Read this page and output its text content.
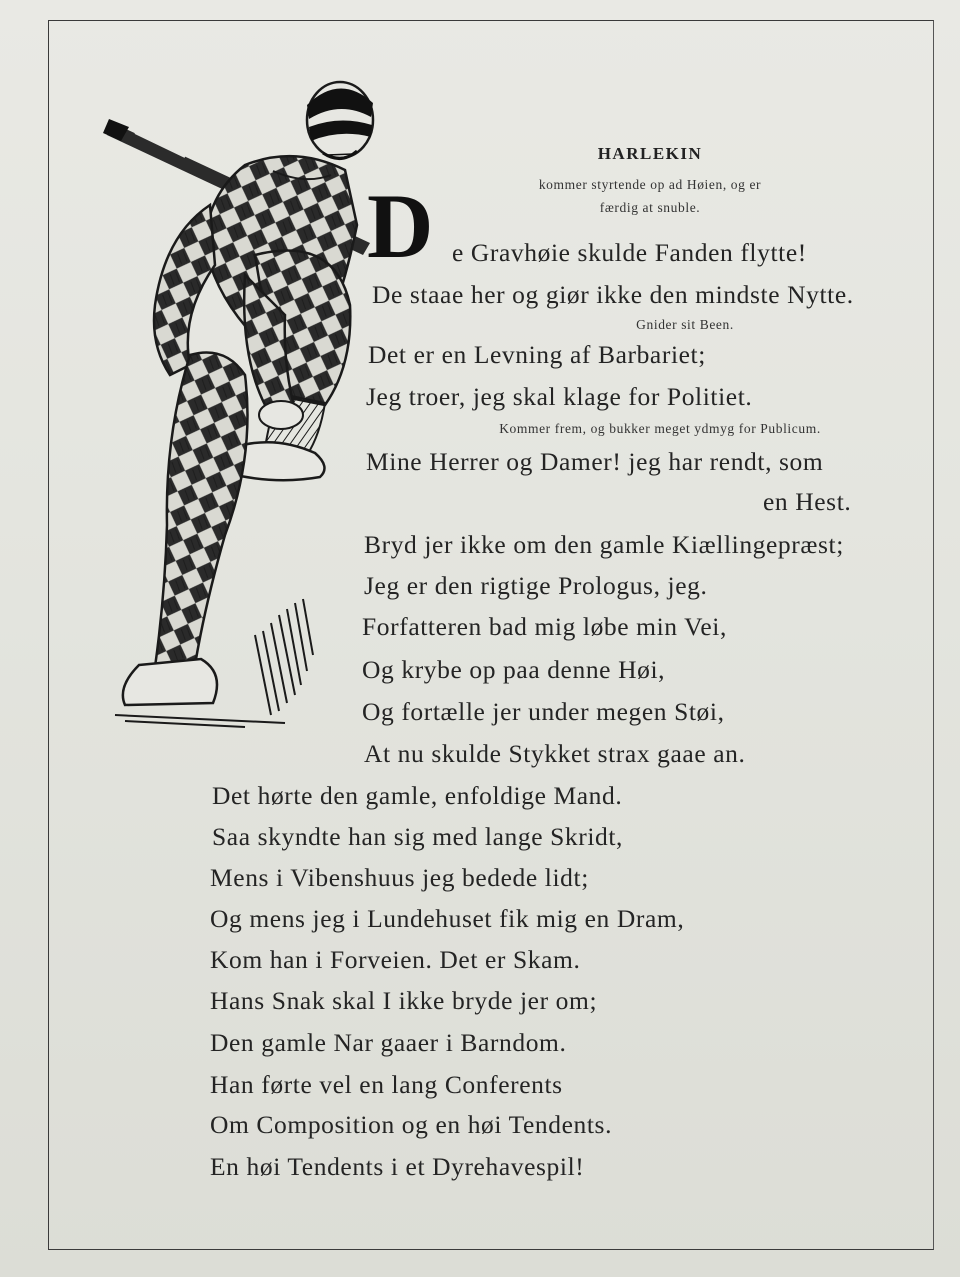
HARLEKIN
kommer styrtende op ad Høien, og er
færdig at snuble.
Gnider sit Been.
Kommer frem, og bukker meget ydmyg for Publicum.
D e Gravhøie skulde Fanden flytte!
De staae her og giør ikke den mindste Nytte.
Det er en Levning af Barbariet;
Jeg troer, jeg skal klage for Politiet.
Mine Herrer og Damer! jeg har rendt, som
en Hest.
Bryd jer ikke om den gamle Kiællingepræst;
Jeg er den rigtige Prologus, jeg.
Forfatteren bad mig løbe min Vei,
Og krybe op paa denne Høi,
Og fortælle jer under megen Støi,
At nu skulde Stykket strax gaae an.
Det hørte den gamle, enfoldige Mand.
Saa skyndte han sig med lange Skridt,
Mens i Vibenshuus jeg bedede lidt;
Og mens jeg i Lundehuset fik mig en Dram,
Kom han i Forveien. Det er Skam.
Hans Snak skal I ikke bryde jer om;
Den gamle Nar gaaer i Barndom.
Han førte vel en lang Conferents
Om Composition og en høi Tendents.
En høi Tendents i et Dyrehavespil!
